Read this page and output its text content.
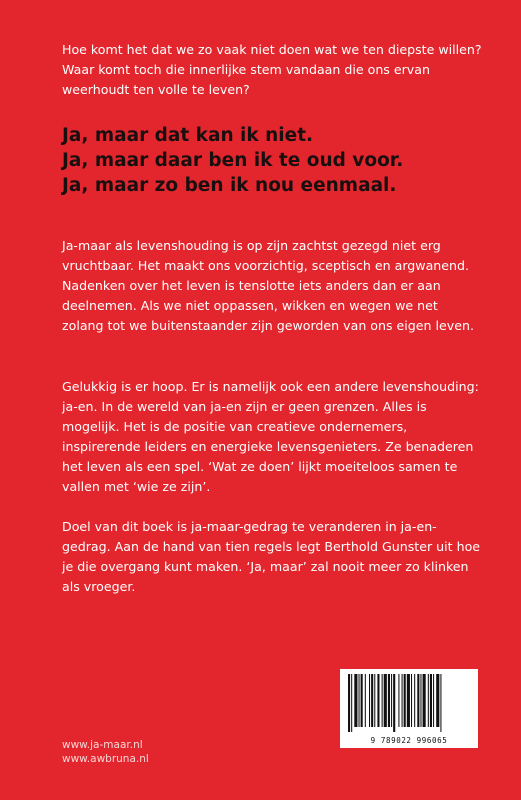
Hoe komt het dat we zo vaak niet doen wat we ten diepste willen? Waar komt toch die innerlijke stem vandaan die ons ervan weerhoudt ten volle te leven?

Ja, maar dat kan ik niet.
Ja, maar daar ben ik te oud voor.
Ja, maar zo ben ik nou eenmaal.

Ja-maar als levenshouding is op zijn zachtst gezegd niet erg vruchtbaar. Het maakt ons voorzichtig, sceptisch en argwanend. Nadenken over het leven is tenslotte iets anders dan er aan deelnemen. Als we niet oppassen, wikken en wegen we net zolang tot we buitenstaander zijn geworden van ons eigen leven.

Gelukkig is er hoop. Er is namelijk ook een andere levenshouding: ja-en. In de wereld van ja-en zijn er geen grenzen. Alles is mogelijk. Het is de positie van creatieve ondernemers, inspirerende leiders en energieke levensgenieters. Ze benaderen het leven als een spel. ‘Wat ze doen’ lijkt moeiteloos samen te vallen met ‘wie ze zijn’.

Doel van dit boek is ja-maar-gedrag te veranderen in ja-en-gedrag. Aan de hand van tien regels legt Berthold Gunster uit hoe je die overgang kunt maken. ‘Ja, maar’ zal nooit meer zo klinken als vroeger.

www.ja-maar.nl
www.awbruna.nl
9 789022 996065
